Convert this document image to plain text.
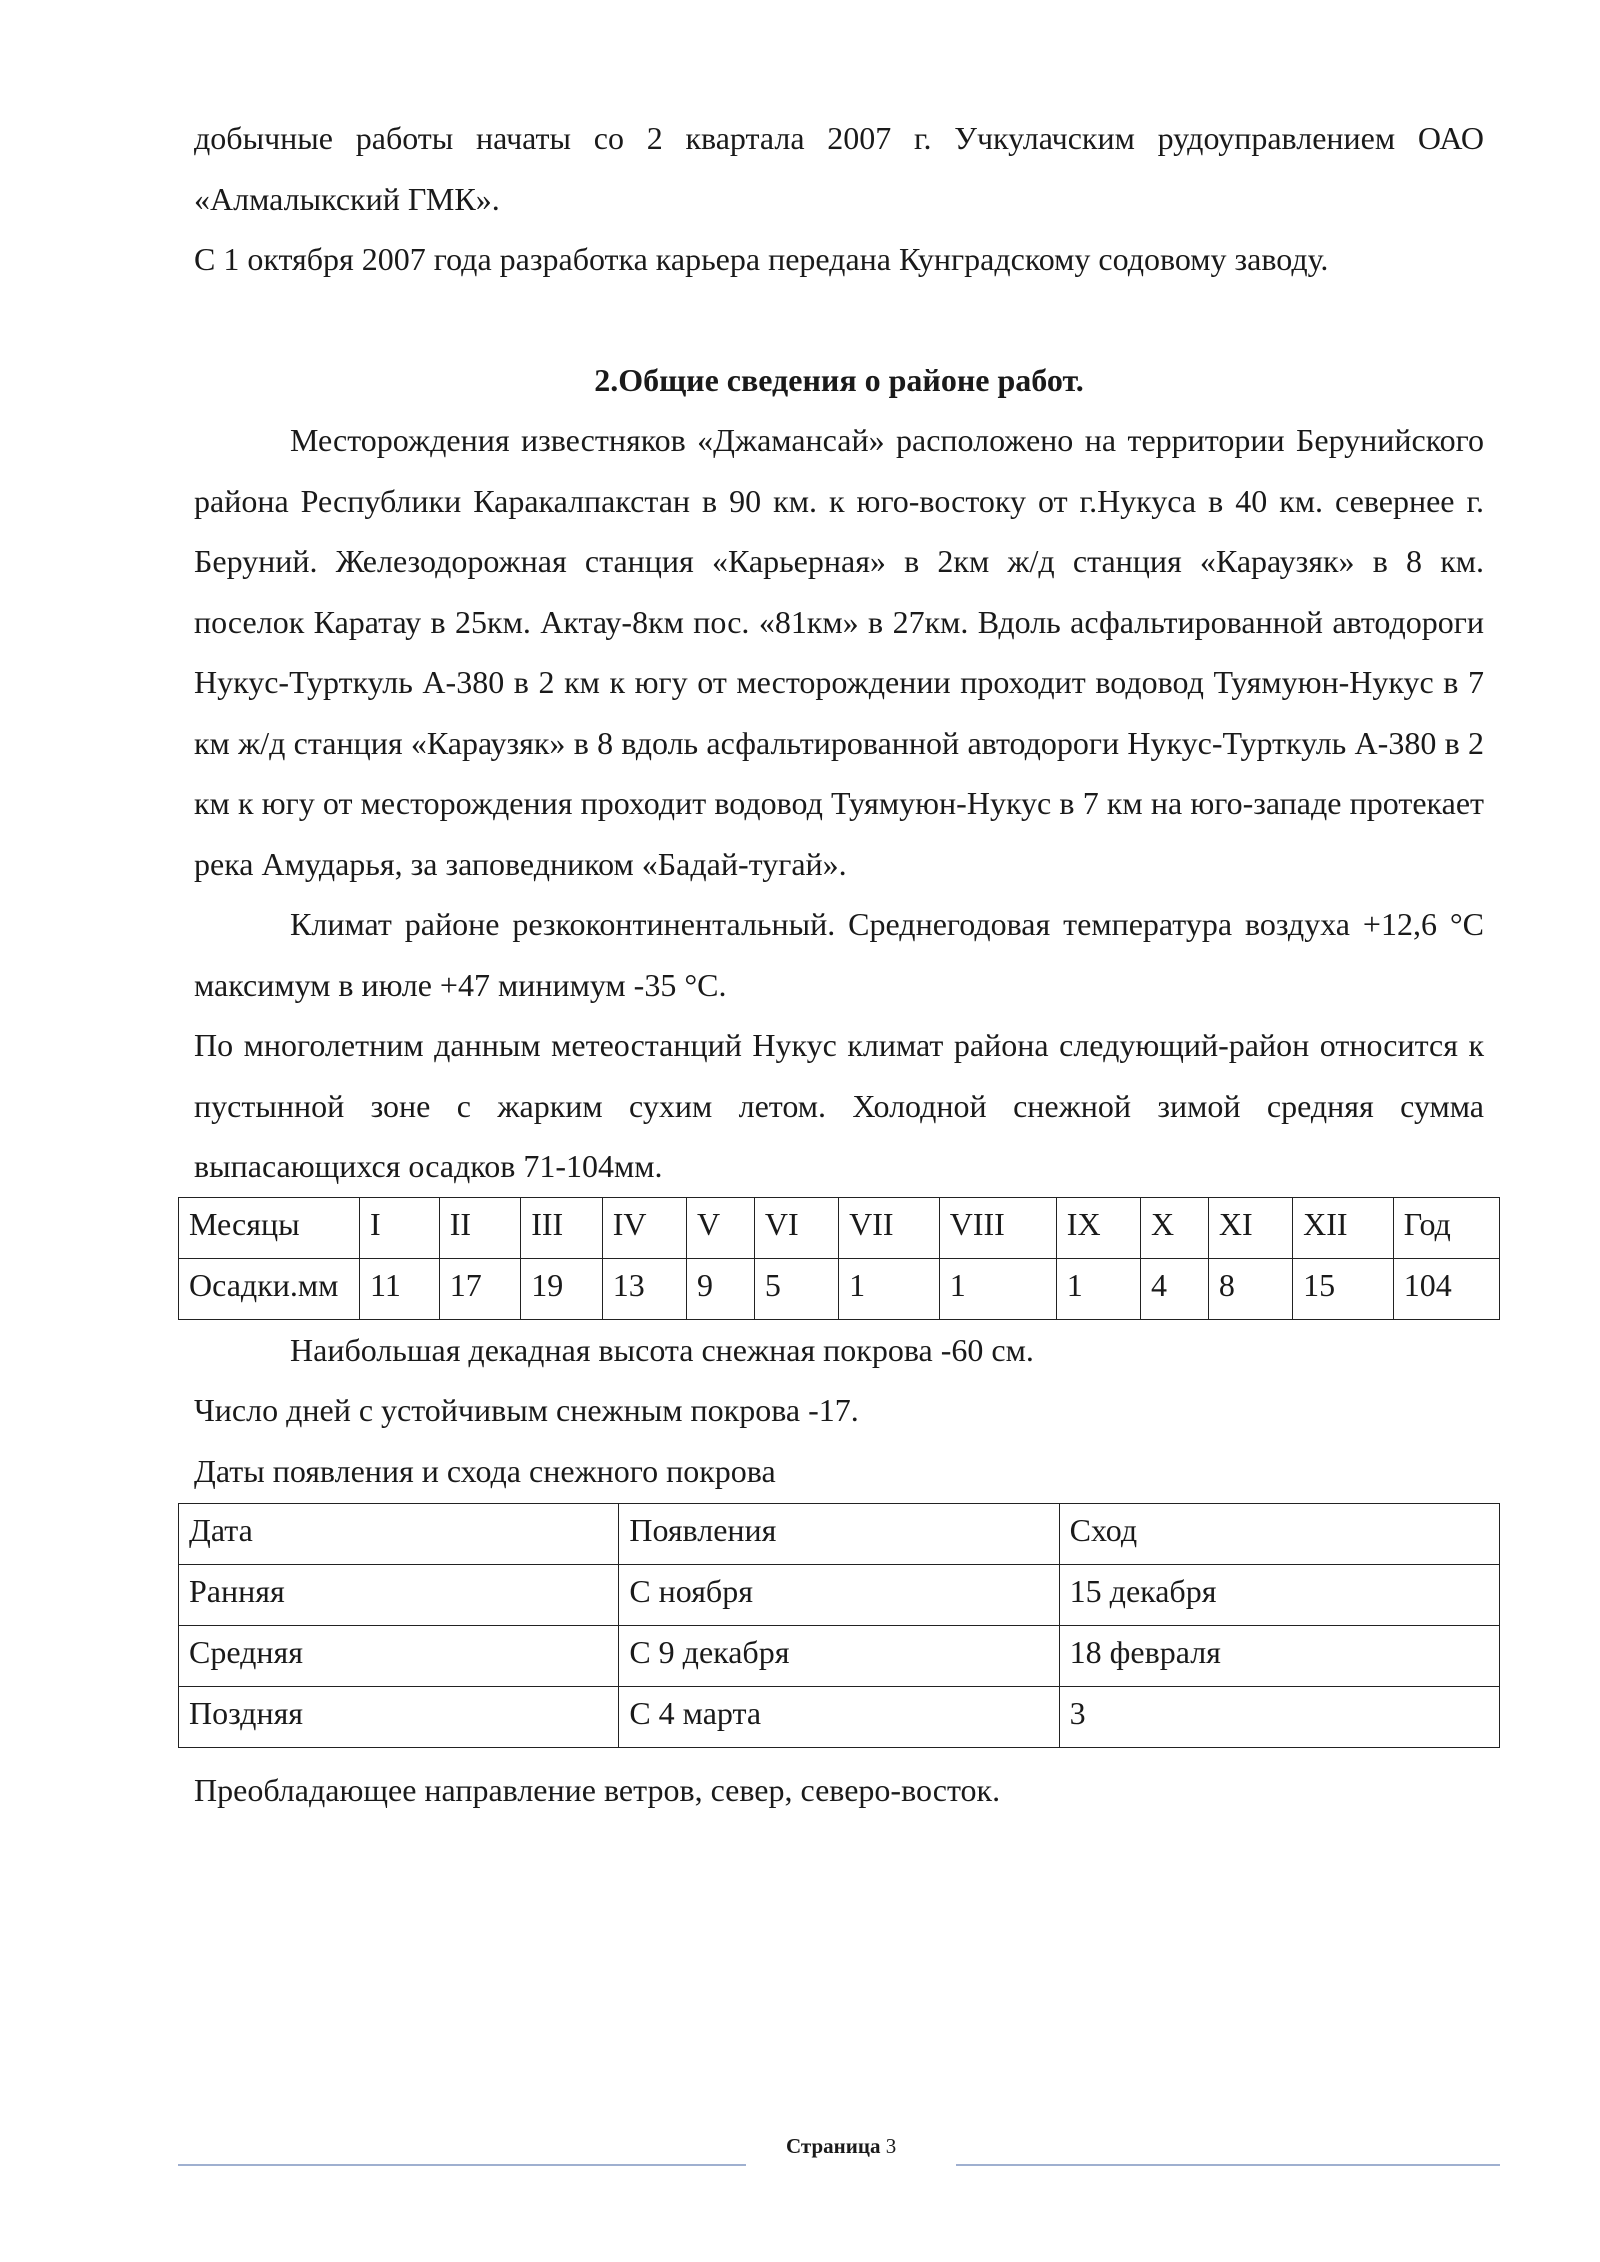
добычные работы начаты со 2 квартала 2007 г. Учкулачским рудоуправлением ОАО «Алмалыкский ГМК».

С 1 октября 2007 года разработка карьера передана Кунградскому содовому заводу.

2.Общие сведения о районе работ.

Месторождения известняков «Джамансай» расположено на территории Берунийского района Республики Каракалпакстан в 90 км. к юго-востоку от г.Нукуса в 40 км. севернее г. Беруний. Железодорожная станция «Карьерная» в 2км ж/д станция «Караузяк» в 8 км. поселок Каратау в 25км. Актау-8км пос. «81км» в 27км. Вдоль асфальтированной автодороги Нукус-Турткуль А-380 в 2 км к югу от месторождении проходит водовод Туямуюн-Нукус в 7 км ж/д станция «Караузяк» в 8 вдоль асфальтированной автодороги Нукус-Турткуль А-380 в 2 км к югу от месторождения проходит водовод Туямуюн-Нукус в 7 км на юго-западе протекает река Амударья, за заповедником «Бадай-тугай».

Климат районе резкоконтинентальный. Среднегодовая температура воздуха +12,6 °C максимум в июле +47 минимум -35 °C.

По многолетним данным метеостанций Нукус климат района следующий-район относится к пустынной зоне с жарким сухим летом. Холодной снежной зимой средняя сумма выпасающихся осадков 71-104мм.

Месяцы	I	II	III	IV	V	VI	VII	VIII	IX	X	XI	XII	Год
Осадки.мм	11	17	19	13	9	5	1	1	1	4	8	15	104

Наибольшая декадная высота снежная покрова -60 см.

Число дней с устойчивым снежным покрова -17.

Даты появления и схода снежного покрова

Дата	Появления	Сход
Ранняя	С ноября	15 декабря
Средняя	С 9 декабря	18 февраля
Поздняя	С 4 марта	3

Преобладающее направление ветров, север, северо-восток.

Страница 3
